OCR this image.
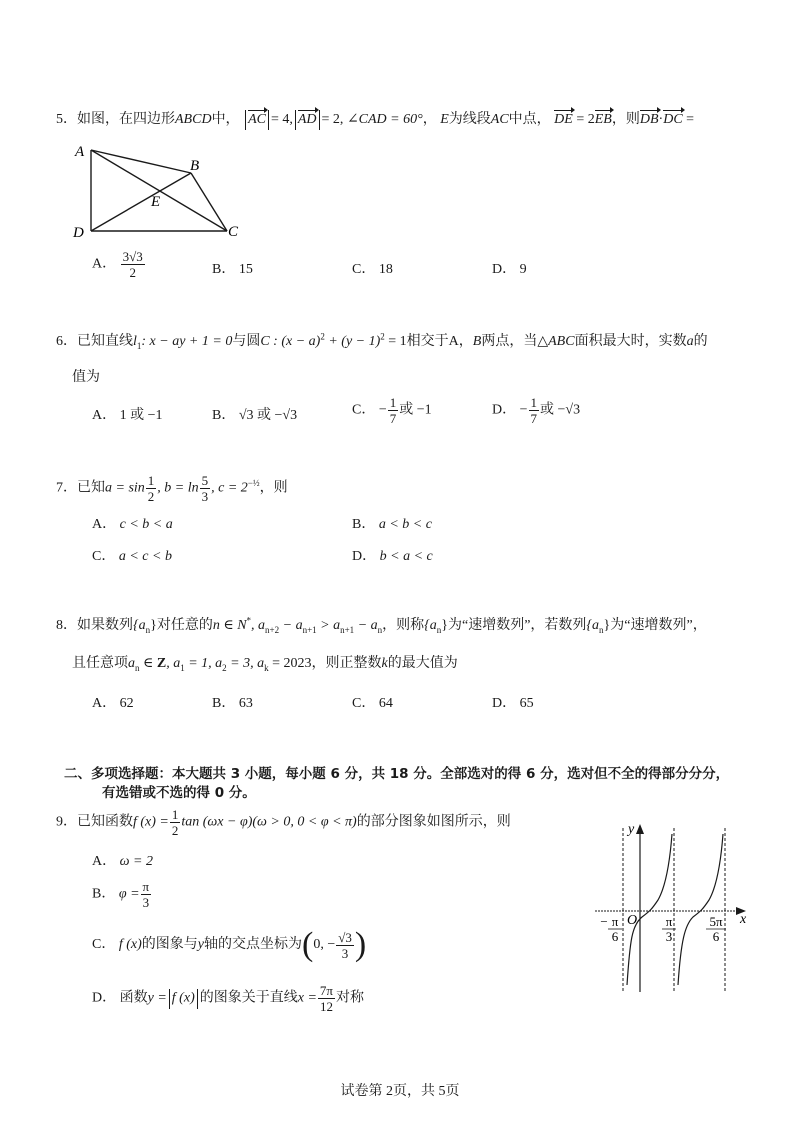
5．如图，在四边形ABCD中， AC = 4, AD = 2, ∠CAD = 60°， E为线段AC中点， DE = 2EB，则DB·DC =
A
B
C
D
E
A． $\frac{3√3}{2}$	B． 15	C． 18	D． 9
6．已知直线$l_1$: x − ay + 1 = 0与圆C : $(x - a)^2 + (y - 1)^2 = 1$相交于A，B两点，当△ABC面积最大时，实数a的
值为
A． 1 或 −1	B． √3 或 −√3	C． − $\frac{1}{7}$ 或 −1	D． − $\frac{1}{7}$ 或 −√3
7．已知$a = \sin \frac{1}{2}$ , $b = \ln \frac{5}{3}$ , $c = 2^{-\frac{1}{2}}$，则
A． c < b < a	B． a < b < c
C． a < c < b	D． b < a < c
8．如果数列$\{a_n\}$对任意的n ∈ N*, $a_{n+2} - a_{n+1} > a_{n+1} - a_n$，则称$\{a_n\}$为“速增数列”，若数列$\{a_n\}$为“速增数列”，
且任意项$a_n$ ∈ Z, $a_1 = 1$, $a_2 = 3$, $a_k = 2023$，则正整数k的最大值为
A． 62	B． 63	C． 64	D． 65
二、多项选择题：本大题共 3 小题，每小题 6 分，共 18 分。全部选对的得 6 分，选对但不全的得部分分分，
有选错或不选的得 0 分。
9．已知函数f $(x) = \frac{1}{2}$ tan (ωx − φ)(ω > 0, 0 < φ < π)的部分图象如图所示，则
A． ω = 2
B． $\varphi = \frac{\pi}{3}$
C． f (x)的图象与y轴的交点坐标为(0, − $\frac{√3}{3}$ )
D． 函数y = f (x) 的图象关于直线$x = \frac{7\pi}{12}$ 对称
y
x
O
− π
6
π
3
5π
6
试卷第 2页，共 5页
